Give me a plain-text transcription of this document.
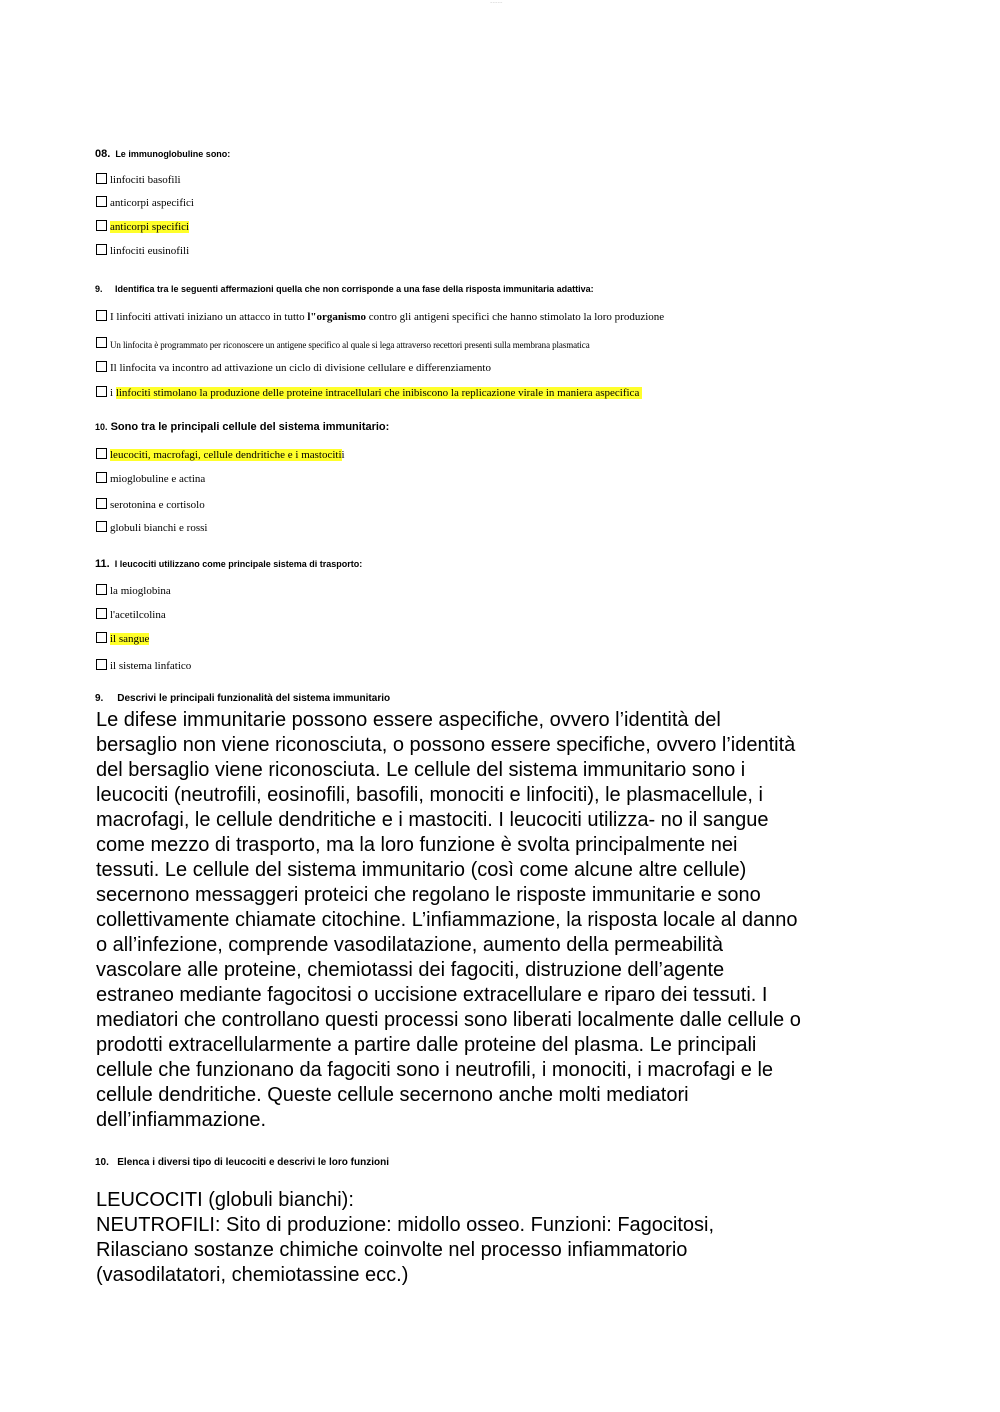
~~~~~
08. Le immunoglobuline sono:
linfociti basofili
anticorpi aspecifici
anticorpi specifici
linfociti eusinofili
9. Identifica tra le seguenti affermazioni quella che non corrisponde a una fase della risposta immunitaria adattiva:
I linfociti attivati iniziano un attacco in tutto l"organismo contro gli antigeni specifici che hanno stimolato la loro produzione
Un linfocita è programmato per riconoscere un antigene specifico al quale si lega attraverso recettori presenti sulla membrana plasmatica
Il linfocita va incontro ad attivazione un ciclo di divisione cellulare e differenziamento
i linfociti stimolano la produzione delle proteine intracellulari che inibiscono la replicazione virale in maniera aspecifica
10. Sono tra le principali cellule del sistema immunitario:
leucociti, macrofagi, cellule dendritiche e i mastociti i
mioglobuline e actina
serotonina e cortisolo
globuli bianchi e rossi
11. I leucociti utilizzano come principale sistema di trasporto:
la mioglobina
l'acetilcolina
il sangue
il sistema linfatico
9. Descrivi le principali funzionalità del sistema immunitario
Le difese immunitarie possono essere aspecifiche, ovvero l’identità del
bersaglio non viene riconosciuta, o possono essere specifiche, ovvero l’identità
del bersaglio viene riconosciuta. Le cellule del sistema immunitario sono i
leucociti (neutrofili, eosinofili, basofili, monociti e linfociti), le plasmacellule, i
macrofagi, le cellule dendritiche e i mastociti. I leucociti utilizza- no il sangue
come mezzo di trasporto, ma la loro funzione è svolta principalmente nei
tessuti. Le cellule del sistema immunitario (così come alcune altre cellule)
secernono messaggeri proteici che regolano le risposte immunitarie e sono
collettivamente chiamate citochine. L’infiammazione, la risposta locale al danno
o all’infezione, comprende vasodilatazione, aumento della permeabilità
vascolare alle proteine, chemiotassi dei fagociti, distruzione dell’agente
estraneo mediante fagocitosi o uccisione extracellulare e riparo dei tessuti. I
mediatori che controllano questi processi sono liberati localmente dalle cellule o
prodotti extracellularmente a partire dalle proteine del plasma. Le principali
cellule che funzionano da fagociti sono i neutrofili, i monociti, i macrofagi e le
cellule dendritiche. Queste cellule secernono anche molti mediatori
dell’infiammazione.
10. Elenca i diversi tipo di leucociti e descrivi le loro funzioni
LEUCOCITI (globuli bianchi):
NEUTROFILI: Sito di produzione: midollo osseo. Funzioni: Fagocitosi,
Rilasciano sostanze chimiche coinvolte nel processo infiammatorio
(vasodilatatori, chemiotassine ecc.)
